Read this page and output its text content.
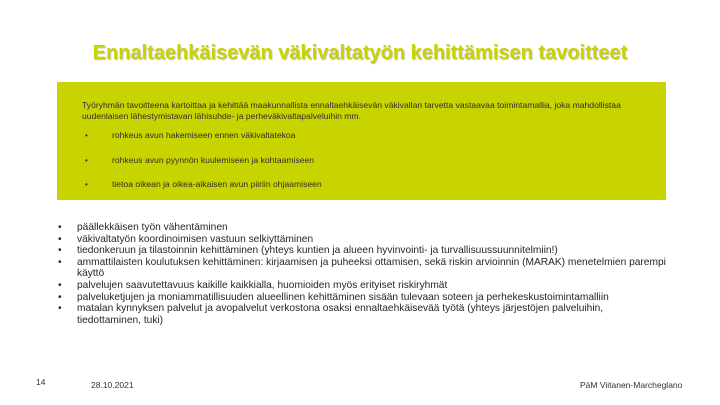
Ennaltaehkäisevän väkivaltatyön kehittämisen tavoitteet
Työryhmän tavoitteena kartoittaa ja kehittää maakunnallista ennaltaehkäisevän väkivallan tarvetta vastaavaa toimintamallia, joka mahdollistaa uudenlaisen lähestymistavan lähisuhde- ja perheväkivaltapalveluihin mm.
•	rohkeus avun hakemiseen ennen väkivaltatekoa
•	rohkeus avun pyynnön kuulemiseen ja kohtaamiseen
•	tietoa oikean ja oikea-aikaisen avun piiriin ohjaamiseen
• päällekkäisen työn vähentäminen
• väkivaltatyön koordinoimisen vastuun selkiyttäminen
• tiedonkeruun ja tilastoinnin kehittäminen (yhteys kuntien ja alueen hyvinvointi- ja turvallisuussuunnitelmiin!)
• ammattilaisten koulutuksen kehittäminen: kirjaamisen ja puheeksi ottamisen, sekä riskin arvioinnin (MARAK) menetelmien parempi käyttö
• palvelujen saavutettavuus kaikille kaikkialla, huomioiden myös erityiset riskiryhmät
• palveluketjujen ja moniammatillisuuden alueellinen kehittäminen sisään tulevaan soteen ja perhekeskustoimintamalliin
• matalan kynnyksen palvelut ja avopalvelut verkostona osaksi ennaltaehkäisevää työtä (yhteys järjestöjen palveluihin, tiedottaminen, tuki)
14	28.10.2021	PäM Viitanen-Marcheglano
